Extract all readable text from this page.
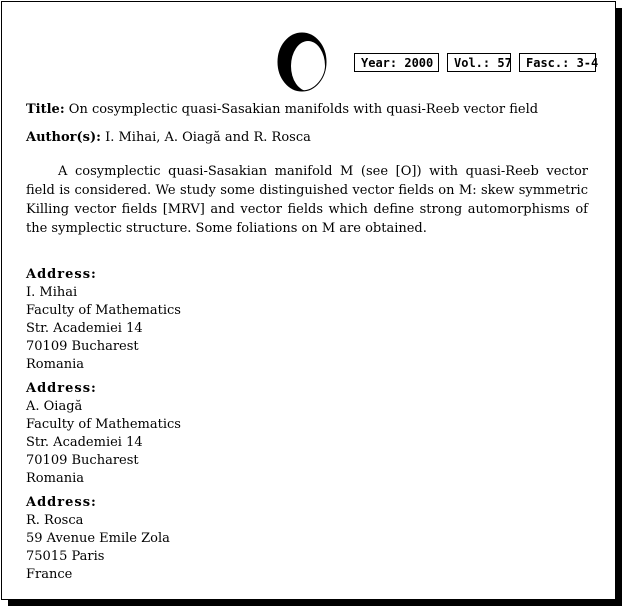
Year: 2000	Vol.: 57	Fasc.: 3-4
Title: On cosymplectic quasi-Sasakian manifolds with quasi-Reeb vector field
Author(s): I. Mihai, A. Oiagă and R. Rosca

A cosymplectic quasi-Sasakian manifold M (see [O]) with quasi-Reeb vector field is considered. We study some distinguished vector fields on M: skew symmetric Killing vector fields [MRV] and vector fields which define strong automorphisms of the symplectic structure. Some foliations on M are obtained.

Address:
I. Mihai
Faculty of Mathematics
Str. Academiei 14
70109 Bucharest
Romania
Address:
A. Oiagă
Faculty of Mathematics
Str. Academiei 14
70109 Bucharest
Romania
Address:
R. Rosca
59 Avenue Emile Zola
75015 Paris
France
